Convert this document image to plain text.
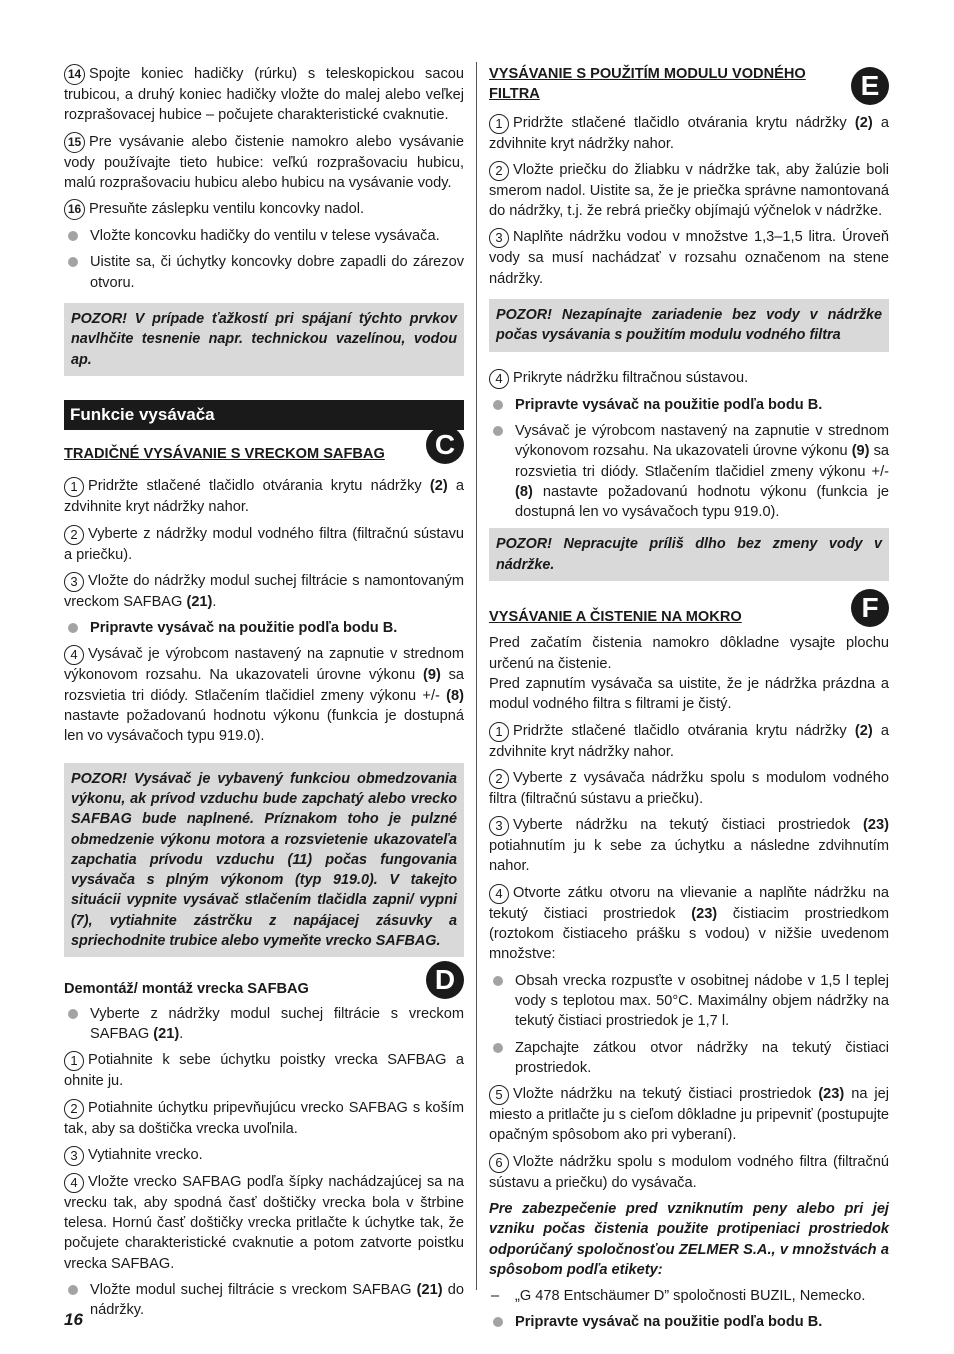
14 Spojte koniec hadičky (rúrku) s teleskopickou sacou trubicou, a druhý koniec hadičky vložte do malej alebo veľkej rozprašovacej hubice – počujete charakteristické cvaknutie.

15 Pre vysávanie alebo čistenie namokro alebo vysávanie vody používajte tieto hubice: veľkú rozprašovaciu hubicu, malú rozprašovaciu hubicu alebo hubicu na vysávanie vody.

16 Presuňte záslepku ventilu koncovky nadol.

Vložte koncovku hadičky do ventilu v telese vysávača.

Uistite sa, či úchytky koncovky dobre zapadli do zárezov otvoru.

POZOR! V prípade ťažkostí pri spájaní týchto prvkov navlhčite tesnenie napr. technickou vazelínou, vodou ap.

Funkcie vysávača
TRADIČNÉ VYSÁVANIE S VRECKOM SAFBAG	C

1 Pridržte stlačené tlačidlo otvárania krytu nádržky (2) a zdvihnite kryt nádržky nahor.

2 Vyberte z nádržky modul vodného filtra (filtračnú sústavu a priečku).

3 Vložte do nádržky modul suchej filtrácie s namontovaným vreckom SAFBAG (21).

Pripravte vysávač na použitie podľa bodu B.

4 Vysávač je výrobcom nastavený na zapnutie v strednom výkonovom rozsahu. Na ukazovateli úrovne výkonu (9) sa rozsvietia tri diódy. Stlačením tlačidiel zmeny výkonu +/- (8) nastavte požadovanú hodnotu výkonu (funkcia je dostupná len vo vysávačoch typu 919.0).

POZOR! Vysávač je vybavený funkciou obmedzovania výkonu, ak prívod vzduchu bude zapchatý alebo vrecko SAFBAG bude naplnené. Príznakom toho je pulzné obmedzenie výkonu motora a rozsvietenie ukazovateľa zapchatia prívodu vzduchu (11) počas fungovania vysávača s plným výkonom (typ 919.0). V takejto situácii vypnite vysávač stlačením tlačidla zapni/ vypni (7), vytiahnite zástrčku z napájacej zásuvky a spriechodnite trubice alebo vymeňte vrecko SAFBAG.

Demontáž/ montáž vrecka SAFBAG	D

Vyberte z nádržky modul suchej filtrácie s vreckom SAFBAG (21).

1 Potiahnite k sebe úchytku poistky vrecka SAFBAG a ohnite ju.

2 Potiahnite úchytku pripevňujúcu vrecko SAFBAG s koším tak, aby sa doštička vrecka uvoľnila.

3 Vytiahnite vrecko.

4 Vložte vrecko SAFBAG podľa šípky nachádzajúcej sa na vrecku tak, aby spodná časť doštičky vrecka bola v štrbine telesa. Hornú časť doštičky vrecka pritlačte k úchytke tak, že počujete charakteristické cvaknutie a potom zatvorte poistku vrecka SAFBAG.

Vložte modul suchej filtrácie s vreckom SAFBAG (21) do nádržky.

VYSÁVANIE S POUŽITÍM MODULU VODNÉHO FILTRA	E

1 Pridržte stlačené tlačidlo otvárania krytu nádržky (2) a zdvihnite kryt nádržky nahor.

2 Vložte priečku do žliabku v nádržke tak, aby žalúzie boli smerom nadol. Uistite sa, že je priečka správne namontovaná do nádržky, t.j. že rebrá priečky objímajú výčnelok v nádržke.

3 Naplňte nádržku vodou v množstve 1,3–1,5 litra. Úroveň vody sa musí nachádzať v rozsahu označenom na stene nádržky.

POZOR! Nezapínajte zariadenie bez vody v nádržke počas vysávania s použitím modulu vodného filtra

4 Prikryte nádržku filtračnou sústavou.

Pripravte vysávač na použitie podľa bodu B.

Vysávač je výrobcom nastavený na zapnutie v strednom výkonovom rozsahu. Na ukazovateli úrovne výkonu (9) sa rozsvietia tri diódy. Stlačením tlačidiel zmeny výkonu +/- (8) nastavte požadovanú hodnotu výkonu (funkcia je dostupná len vo vysávačoch typu 919.0).

POZOR! Nepracujte príliš dlho bez zmeny vody v nádržke.

VYSÁVANIE A ČISTENIE NA MOKRO	F

Pred začatím čistenia namokro dôkladne vysajte plochu určenú na čistenie.

Pred zapnutím vysávača sa uistite, že je nádržka prázdna a modul vodného filtra s filtrami je čistý.

1 Pridržte stlačené tlačidlo otvárania krytu nádržky (2) a zdvihnite kryt nádržky nahor.

2 Vyberte z vysávača nádržku spolu s modulom vodného filtra (filtračnú sústavu a priečku).

3 Vyberte nádržku na tekutý čistiaci prostriedok (23) potiahnutím ju k sebe za úchytku a následne zdvihnutím nahor.

4 Otvorte zátku otvoru na vlievanie a naplňte nádržku na tekutý čistiaci prostriedok (23) čistiacim prostriedkom (roztokom čistiaceho prášku s vodou) v nižšie uvedenom množstve:

Obsah vrecka rozpusťte v osobitnej nádobe v 1,5 l teplej vody s teplotou max. 50°C. Maximálny objem nádržky na tekutý čistiaci prostriedok je 1,7 l.

Zapchajte zátkou otvor nádržky na tekutý čistiaci prostriedok.

5 Vložte nádržku na tekutý čistiaci prostriedok (23) na jej miesto a pritlačte ju s cieľom dôkladne ju pripevniť (postupujte opačným spôsobom ako pri vyberaní).

6 Vložte nádržku spolu s modulom vodného filtra (filtračnú sústavu a priečku) do vysávača.

Pre zabezpečenie pred vzniknutím peny alebo pri jej vzniku počas čistenia použite protipeniaci prostriedok odporúčaný spoločnosťou ZELMER S.A., v množstvách a spôsobom podľa etikety:

– „G 478 Entschäumer D” spoločnosti BUZIL, Nemecko.

Pripravte vysávač na použitie podľa bodu B.

16
